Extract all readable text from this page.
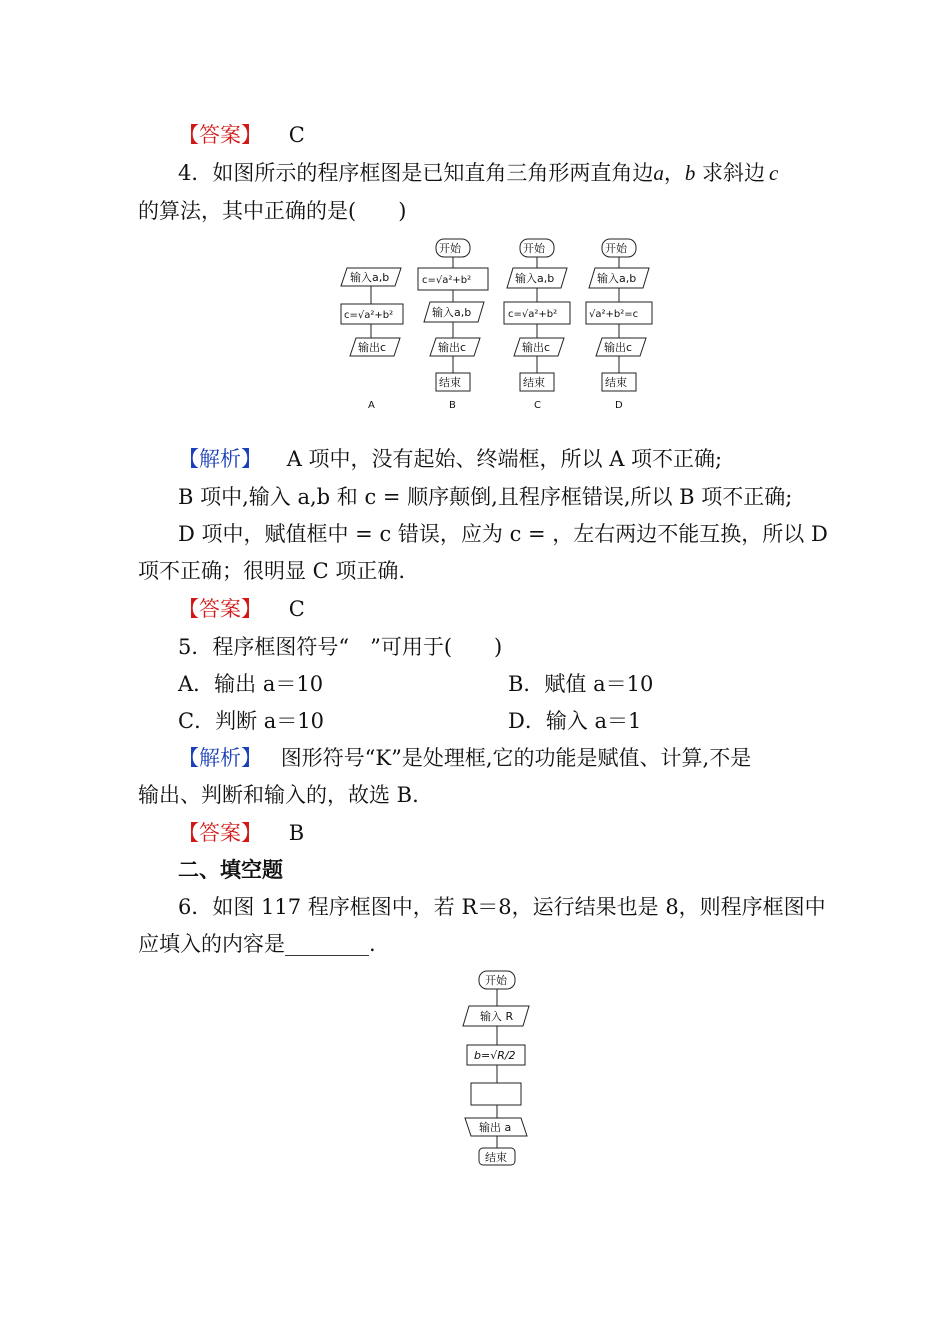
【答案】 C
4．如图所示的程序框图是已知直角三角形两直角边a，b 求斜边 c
的算法，其中正确的是(　　)
输入a,b
c=√a²+b²
输出c
A
开始
c=√a²+b²
输入a,b
输出c
结束
B
开始
输入a,b
c=√a²+b²
输出c
结束
C
开始
输入a,b
√a²+b²=c
输出c
结束
D
【解析】 A 项中，没有起始、终端框，所以 A 项不正确;
B 项中,输入 a,b 和 c = 顺序颠倒,且程序框错误,所以 B 项不正确;
D 项中，赋值框中 = c 错误，应为 c = ，左右两边不能互换，所以 D
项不正确；很明显 C 项正确.
【答案】 C
5．程序框图符号“　”可用于(　　)
A．输出 a＝10	B．赋值 a＝10
C．判断 a＝10	D．输入 a＝1
【解析】 图形符号“K”是处理框,它的功能是赋值、计算,不是
输出、判断和输入的，故选 B.
【答案】 B
二、填空题
6．如图 117 程序框图中，若 R＝8，运行结果也是 8，则程序框图中
应填入的内容是________.
开始
输入 R
b=√R/2
输出 a
结束
